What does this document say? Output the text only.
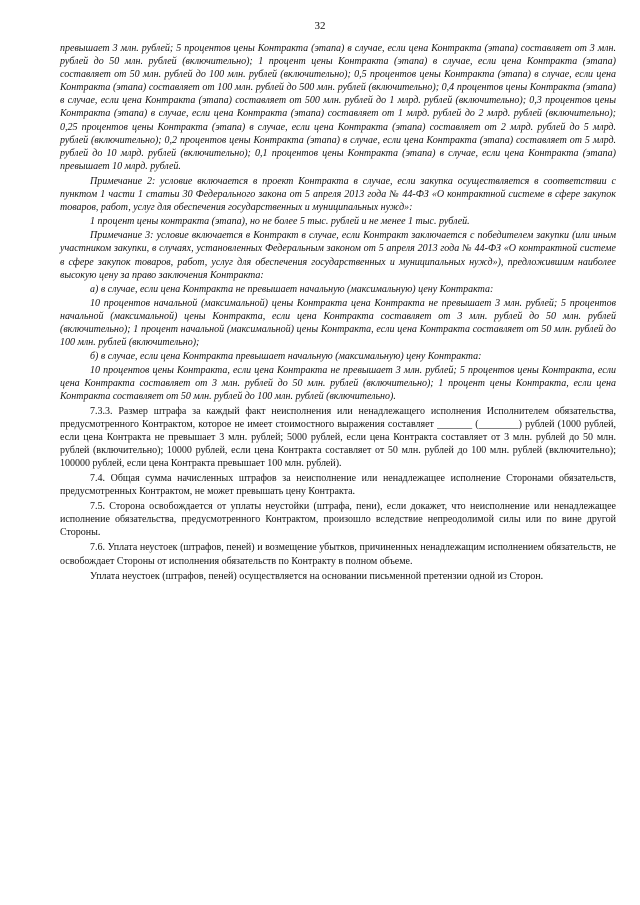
32

превышает 3 млн. рублей; 5 процентов цены Контракта (этапа) в случае, если цена Контракта (этапа) составляет от 3 млн. рублей до 50 млн. рублей (включительно); 1 процент цены Контракта (этапа) в случае, если цена Контракта (этапа) составляет от 50 млн. рублей до 100 млн. рублей (включительно); 0,5 процентов цены Контракта (этапа) в случае, если цена Контракта (этапа) составляет от 100 млн. рублей до 500 млн. рублей (включительно); 0,4 процентов цены Контракта (этапа) в случае, если цена Контракта (этапа) составляет от 500 млн. рублей до 1 млрд. рублей (включительно); 0,3 процентов цены Контракта (этапа) в случае, если цена Контракта (этапа) составляет от 1 млрд. рублей до 2 млрд. рублей (включительно); 0,25 процентов цены Контракта (этапа) в случае, если цена Контракта (этапа) составляет от 2 млрд. рублей до 5 млрд. рублей (включительно); 0,2 процентов цены Контракта (этапа) в случае, если цена Контракта (этапа) составляет от 5 млрд. рублей до 10 млрд. рублей (включительно); 0,1 процентов цены Контракта (этапа) в случае, если цена Контракта (этапа) превышает 10 млрд. рублей.

Примечание 2: условие включается в проект Контракта в случае, если закупка осуществляется в соответствии с пунктом 1 части 1 статьи 30 Федерального закона от 5 апреля 2013 года № 44-ФЗ «О контрактной системе в сфере закупок товаров, работ, услуг для обеспечения государственных и муниципальных нужд»:

1 процент цены контракта (этапа), но не более 5 тыс. рублей и не менее 1 тыс. рублей.

Примечание 3: условие включается в Контракт в случае, если Контракт заключается с победителем закупки (или иным участником закупки, в случаях, установленных Федеральным законом от 5 апреля 2013 года № 44-ФЗ «О контрактной системе в сфере закупок товаров, работ, услуг для обеспечения государственных и муниципальных нужд»), предложившим наиболее высокую цену за право заключения Контракта:

а) в случае, если цена Контракта не превышает начальную (максимальную) цену Контракта:

10 процентов начальной (максимальной) цены Контракта цена Контракта не превышает 3 млн. рублей; 5 процентов начальной (максимальной) цены Контракта, если цена Контракта составляет от 3 млн. рублей до 50 млн. рублей (включительно); 1 процент начальной (максимальной) цены Контракта, если цена Контракта составляет от 50 млн. рублей до 100 млн. рублей (включительно);

б) в случае, если цена Контракта превышает начальную (максимальную) цену Контракта:

10 процентов цены Контракта, если цена Контракта не превышает 3 млн. рублей; 5 процентов цены Контракта, если цена Контракта составляет от 3 млн. рублей до 50 млн. рублей (включительно); 1 процент цены Контракта, если цена Контракта составляет от 50 млн. рублей до 100 млн. рублей (включительно).

7.3.3. Размер штрафа за каждый факт неисполнения или ненадлежащего исполнения Исполнителем обязательства, предусмотренного Контрактом, которое не имеет стоимостного выражения составляет _______ (________) рублей (1000 рублей, если цена Контракта не превышает 3 млн. рублей; 5000 рублей, если цена Контракта составляет от 3 млн. рублей до 50 млн. рублей (включительно); 10000 рублей, если цена Контракта составляет от 50 млн. рублей до 100 млн. рублей (включительно); 100000 рублей, если цена Контракта превышает 100 млн. рублей).

7.4. Общая сумма начисленных штрафов за неисполнение или ненадлежащее исполнение Сторонами обязательств, предусмотренных Контрактом, не может превышать цену Контракта.

7.5. Сторона освобождается от уплаты неустойки (штрафа, пени), если докажет, что неисполнение или ненадлежащее исполнение обязательства, предусмотренного Контрактом, произошло вследствие непреодолимой силы или по вине другой Стороны.

7.6. Уплата неустоек (штрафов, пеней) и возмещение убытков, причиненных ненадлежащим исполнением обязательств, не освобождает Стороны от исполнения обязательств по Контракту в полном объеме.

Уплата неустоек (штрафов, пеней) осуществляется на основании письменной претензии одной из Сторон.
